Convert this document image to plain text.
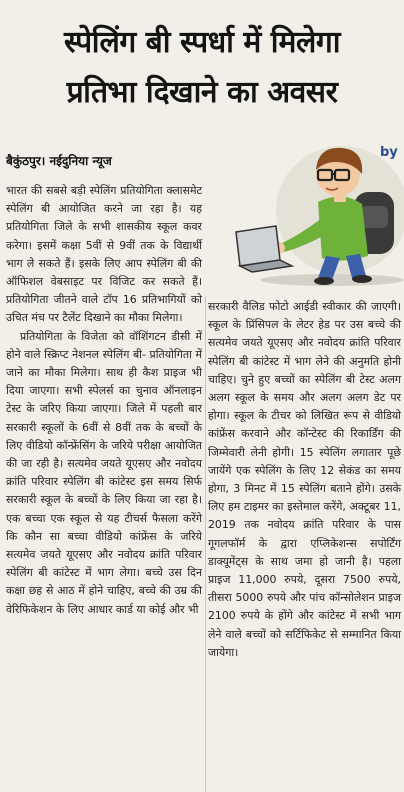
स्पेलिंग बी स्पर्धा में मिलेगा
प्रतिभा दिखाने का अवसर
बैकुंठपुर। नईदुनिया न्यूज
by

भारत की सबसे बड़ी स्पेलिंग प्रतियोगिता क्लासमेट स्पेलिंग बी आयोजित करने जा रहा है। यह प्रतियोगिता जिले के सभी शासकीय स्कूल कवर करेगा। इसमें कक्षा 5वीं से 9वीं तक के विद्यार्थी भाग ले सकते हैं। इसके लिए आप स्पेलिंग बी की ऑफिशल वेबसाइट पर विजिट कर सकते हैं। प्रतियोगिता जीतने वाले टॉप 16 प्रतिभागियों को उचित मंच पर टैलेंट दिखाने का मौका मिलेगा।

प्रतियोगिता के विजेता को वॉशिंगटन डीसी में होने वाले स्क्रिप्ट नेशनल स्पेलिंग बी- प्रतियोगिता में जाने का मौका मिलेगा। साथ ही कैश प्राइज भी दिया जाएगा। सभी स्पेलर्स का चुनाव ऑनलाइन टेस्ट के जरिए किया जाएगा। जिले में पहली बार सरकारी स्कूलों के 6वीं से 8वीं तक के बच्चों के लिए वीडियो कॉन्फ्रेंसिंग के जरिये परीक्षा आयोजित की जा रही है। सत्यमेव जयते यूएसए और नवोदय क्रांति परिवार स्पेलिंग बी कांटेस्ट इस समय सिर्फ सरकारी स्कूल के बच्चों के लिए किया जा रहा है। एक बच्चा एक स्कूल से यह टीचर्स फैसला करेंगे कि कौन सा बच्चा वीडियो कांफ्रेंस के जरिये सत्यमेव जयते यूएसए और नवोदय क्रांति परिवार स्पेलिंग बी कांटेस्ट में भाग लेगा। बच्चे उस दिन कक्षा छह से आठ में होने चाहिए, बच्चे की उम्र की वेरिफिकेशन के लिए आधार कार्ड या कोई और भी

सरकारी वैलिड फोटो आईडी स्वीकार की जाएगी। स्कूल के प्रिंसिपल के लेटर हेड पर उस बच्चे की सत्यमेव जयते यूएसए और नवोदय क्रांति परिवार स्पेलिंग बी कांटेस्ट में भाग लेने की अनुमति होनी चाहिए। चुने हुए बच्चों का स्पेलिंग बी टेस्ट अलग अलग स्कूल के समय और अलग अलग डेट पर होगा। स्कूल के टीचर को लिखित रूप से वीडियो कांफ्रेंस करवाने और कॉन्टेस्ट की रिकार्डिंग की जिम्मेवारी लेनी होगी। 15 स्पेलिंग लगातार पूछे जायेंगे एक स्पेलिंग के लिए 12 सेकंड का समय होगा, 3 मिनट में 15 स्पेलिंग बताने होंगे। उसके लिए हम टाइमर का इस्तेमाल करेंगे, अक्टूबर 11, 2019 तक नवोदय क्रांति परिवार के पास गूगलफॉर्म के द्वारा एप्लिकेशन्स सपोर्टिंग डाक्यूमेंट्स के साथ जमा हो जानी है। पहला प्राइज 11,000 रुपये, दूसरा 7500 रुपये, तीसरा 5000 रुपये और पांच कॉन्सोलेशन प्राइज 2100 रुपये के होंगे और कांटेस्ट में सभी भाग लेने वाले बच्चों को सर्टिफिकेट से सम्मानित किया जायेगा।
